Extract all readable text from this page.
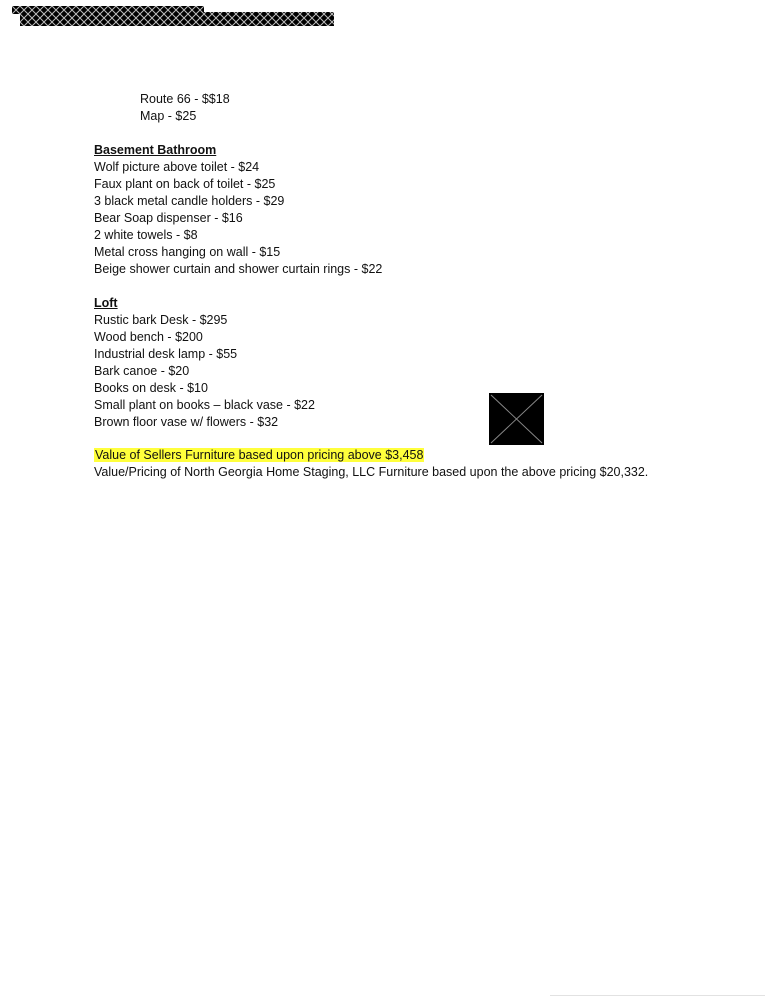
Route 66 - $$18
Map - $25
Basement Bathroom
Wolf picture above toilet - $24
Faux plant on back of toilet - $25
3 black metal candle holders - $29
Bear Soap dispenser - $16
2 white towels - $8
Metal cross hanging on wall - $15
Beige shower curtain and shower curtain rings - $22
Loft
Rustic bark Desk - $295
Wood bench - $200
Industrial desk lamp - $55
Bark canoe - $20
Books on desk - $10
Small plant on books – black vase - $22
Brown floor vase w/ flowers - $32
Value of Sellers Furniture based upon pricing above $3,458
Value/Pricing of North Georgia Home Staging, LLC Furniture based upon the above pricing $20,332.
